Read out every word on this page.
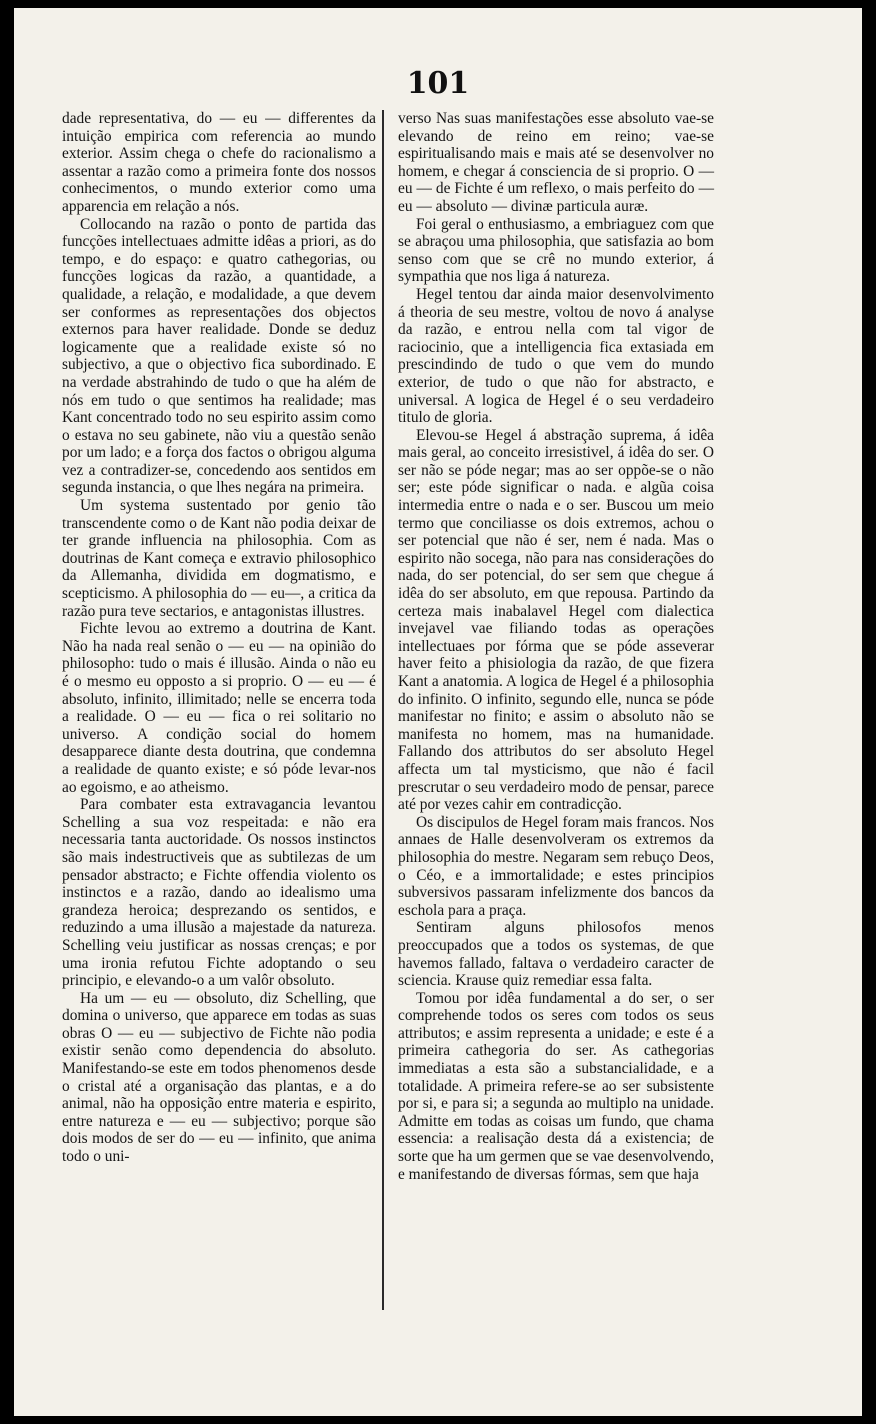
101

dade representativa, do — eu — differentes da intuição empirica com referencia ao mundo exterior. Assim chega o chefe do racionalismo a assentar a razão como a primeira fonte dos nossos conhecimentos, o mundo exterior como uma apparencia em relação a nós.

Collocando na razão o ponto de partida das funcções intellectuaes admitte idêas a priori, as do tempo, e do espaço: e quatro cathegorias, ou funcções logicas da razão, a quantidade, a qualidade, a relação, e modalidade, a que devem ser conformes as representações dos objectos externos para haver realidade. Donde se deduz logicamente que a realidade existe só no subjectivo, a que o objectivo fica subordinado. E na verdade abstrahindo de tudo o que ha além de nós em tudo o que sentimos ha realidade; mas Kant concentrado todo no seu espirito assim como o estava no seu gabinete, não viu a questão senão por um lado; e a força dos factos o obrigou alguma vez a contradizer-se, concedendo aos sentidos em segunda instancia, o que lhes negára na primeira.

Um systema sustentado por genio tão transcendente como o de Kant não podia deixar de ter grande influencia na philosophia. Com as doutrinas de Kant começa e extravio philosophico da Allemanha, dividida em dogmatismo, e scepticismo. A philosophia do — eu—, a critica da razão pura teve sectarios, e antagonistas illustres.

Fichte levou ao extremo a doutrina de Kant. Não ha nada real senão o — eu — na opinião do philosopho: tudo o mais é illusão. Ainda o não eu é o mesmo eu opposto a si proprio. O — eu — é absoluto, infinito, illimitado; nelle se encerra toda a realidade. O — eu — fica o rei solitario no universo. A condição social do homem desapparece diante desta doutrina, que condemna a realidade de quanto existe; e só póde levar-nos ao egoismo, e ao atheismo.

Para combater esta extravagancia levantou Schelling a sua voz respeitada: e não era necessaria tanta auctoridade. Os nossos instinctos são mais indestructiveis que as subtilezas de um pensador abstracto; e Fichte offendia violento os instinctos e a razão, dando ao idealismo uma grandeza heroica; desprezando os sentidos, e reduzindo a uma illusão a majestade da natureza. Schelling veiu justificar as nossas crenças; e por uma ironia refutou Fichte adoptando o seu principio, e elevando-o a um valôr obsoluto.

Ha um — eu — obsoluto, diz Schelling, que domina o universo, que apparece em todas as suas obras O — eu — subjectivo de Fichte não podia existir senão como dependencia do absoluto. Manifestando-se este em todos phenomenos desde o cristal até a organisação das plantas, e a do animal, não ha opposição entre materia e espirito, entre natureza e — eu — subjectivo; porque são dois modos de ser do — eu — infinito, que anima todo o uni-

verso Nas suas manifestações esse absoluto vae-se elevando de reino em reino; vae-se espiritualisando mais e mais até se desenvolver no homem, e chegar á consciencia de si proprio. O — eu — de Fichte é um reflexo, o mais perfeito do — eu — absoluto — divinæ particula auræ.

Foi geral o enthusiasmo, a embriaguez com que se abraçou uma philosophia, que satisfazia ao bom senso com que se crê no mundo exterior, á sympathia que nos liga á natureza.

Hegel tentou dar ainda maior desenvolvimento á theoria de seu mestre, voltou de novo á analyse da razão, e entrou nella com tal vigor de raciocinio, que a intelligencia fica extasiada em prescindindo de tudo o que vem do mundo exterior, de tudo o que não for abstracto, e universal. A logica de Hegel é o seu verdadeiro titulo de gloria.

Elevou-se Hegel á abstração suprema, á idêa mais geral, ao conceito irresistivel, á idêa do ser. O ser não se póde negar; mas ao ser oppõe-se o não ser; este póde significar o nada. e algũa coisa intermedia entre o nada e o ser. Buscou um meio termo que conciliasse os dois extremos, achou o ser potencial que não é ser, nem é nada. Mas o espirito não socega, não para nas considerações do nada, do ser potencial, do ser sem que chegue á idêa do ser absoluto, em que repousa. Partindo da certeza mais inabalavel Hegel com dialectica invejavel vae filiando todas as operações intellectuaes por fórma que se póde asseverar haver feito a phisiologia da razão, de que fizera Kant a anatomia. A logica de Hegel é a philosophia do infinito. O infinito, segundo elle, nunca se póde manifestar no finito; e assim o absoluto não se manifesta no homem, mas na humanidade. Fallando dos attributos do ser absoluto Hegel affecta um tal mysticismo, que não é facil prescrutar o seu verdadeiro modo de pensar, parece até por vezes cahir em contradicção.

Os discipulos de Hegel foram mais francos. Nos annaes de Halle desenvolveram os extremos da philosophia do mestre. Negaram sem rebuço Deos, o Céo, e a immortalidade; e estes principios subversivos passaram infelizmente dos bancos da escholа para a praça.

Sentiram alguns philosofos menos preoccupados que a todos os systemas, de que havemos fallado, faltava o verdadeiro caracter de sciencia. Krause quiz remediar essa falta.

Tomou por idêa fundamental a do ser, o ser comprehende todos os seres com todos os seus attributos; e assim representa a unidade; e este é a primeira cathegoria do ser. As cathegorias immediatas a esta são a substancialidade, e a totalidade. A primeira refere-se ao ser subsistente por si, e para si; a segunda ao multiplo na unidade. Admitte em todas as coisas um fundo, que chama essencia: a realisação desta dá a existencia; de sorte que ha um germen que se vae desenvolvendo, e manifestando de diversas fórmas, sem que haja
